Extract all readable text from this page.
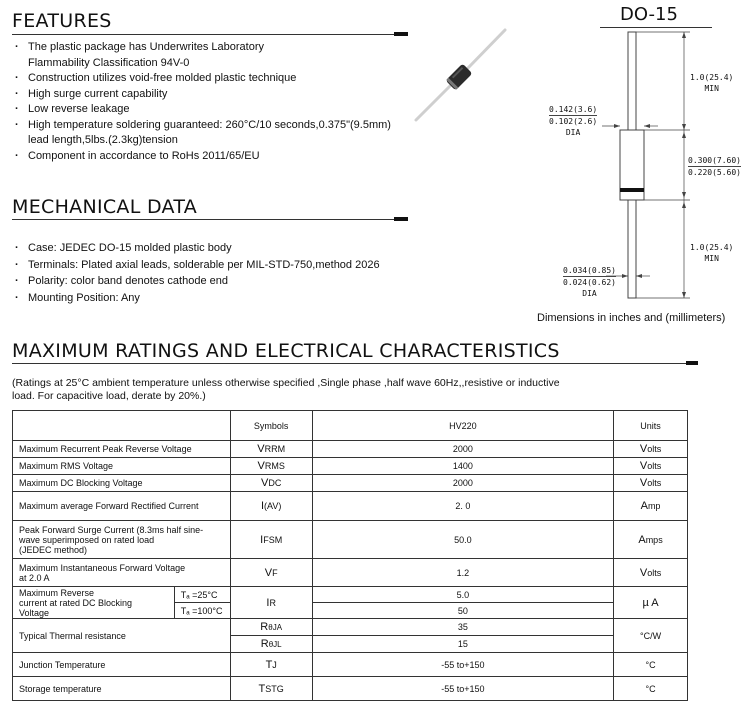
FEATURES
· The plastic package has Underwrites Laboratory
Flammability Classification 94V-0
· Construction utilizes void-free molded plastic technique
· High surge current capability
· Low reverse leakage
· High temperature soldering guaranteed: 260°C/10 seconds,0.375"(9.5mm)
lead length,5lbs.(2.3kg)tension
· Component in accordance to RoHs 2011/65/EU
MECHANICAL DATA
· Case: JEDEC DO-15 molded plastic body
· Terminals: Plated axial leads, solderable per MIL-STD-750,method 2026
· Polarity: color band denotes cathode end
· Mounting Position: Any
DO-15
1.0(25.4)
MIN
0.142(3.6)
0.102(2.6)
DIA
0.300(7.60)
0.220(5.60)
1.0(25.4)
MIN
0.034(0.85)
0.024(0.62)
DIA
Dimensions in inches and (millimeters)
MAXIMUM RATINGS AND ELECTRICAL CHARACTERISTICS
(Ratings at 25°C ambient temperature unless otherwise specified ,Single phase ,half wave 60Hz,,resistive or inductive
load. For capacitive load, derate by 20%.)
		Symbols	HV220	Units
Maximum Recurrent Peak Reverse Voltage		VRRM	2000	Volts
Maximum RMS Voltage		VRMS	1400	Volts
Maximum DC Blocking Voltage		VDC	2000	Volts
Maximum average Forward Rectified Current		I(AV)	2. 0	Amp

Peak Forward Surge Current (8.3ms half sine-
wave superimposed on rated load
(JEDEC method)		IFSM	50.0	Amps

Maximum Instantaneous Forward Voltage
at 2.0 A		VF	1.2	Volts

Maximum Reverse
current at rated DC Blocking
Voltage	Tₐ =25°C	IR	5.0	µ A
	Tₐ =100°C		50	
Typical Thermal resistance		RθJA	35	°C/W
		RθJL	15	
Junction Temperature		TJ	-55 to+150	°C
Storage temperature		TSTG	-55 to+150	°C
